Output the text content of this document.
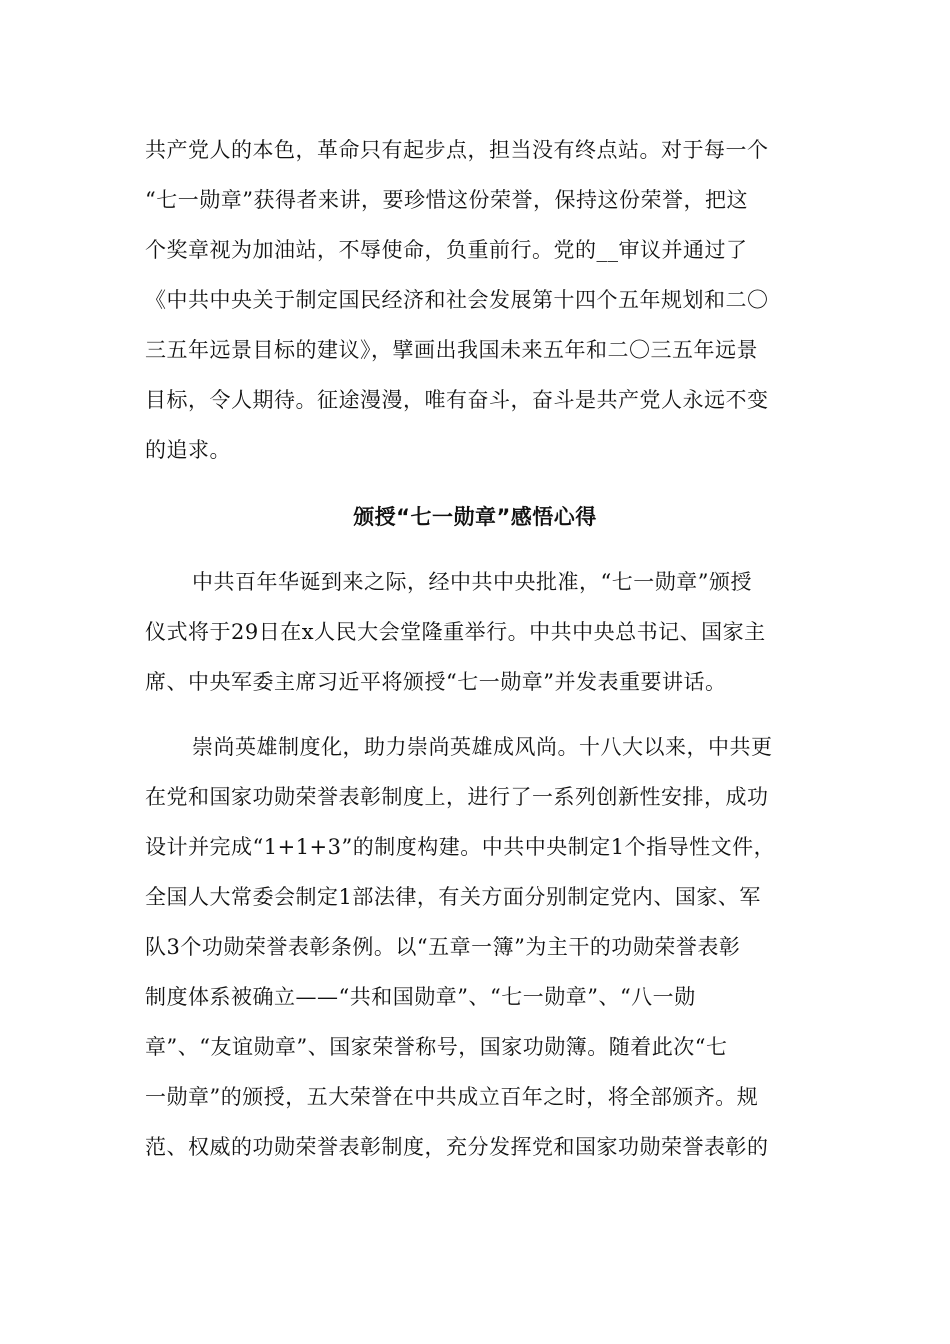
共产党人的本色，革命只有起步点，担当没有终点站。对于每一个
“七一勋章”获得者来讲，要珍惜这份荣誉，保持这份荣誉，把这
个奖章视为加油站，不辱使命，负重前行。党的__审议并通过了
《中共中央关于制定国民经济和社会发展第十四个五年规划和二〇
三五年远景目标的建议》，擘画出我国未来五年和二〇三五年远景
目标，令人期待。征途漫漫，唯有奋斗，奋斗是共产党人永远不变
的追求。
颁授“七一勋章”感悟心得
中共百年华诞到来之际，经中共中央批准，“七一勋章”颁授
仪式将于29日在x人民大会堂隆重举行。中共中央总书记、国家主
席、中央军委主席习近平将颁授“七一勋章”并发表重要讲话。
崇尚英雄制度化，助力崇尚英雄成风尚。十八大以来，中共更
在党和国家功勋荣誉表彰制度上，进行了一系列创新性安排，成功
设计并完成“1+1+3”的制度构建。中共中央制定1个指导性文件，
全国人大常委会制定1部法律，有关方面分别制定党内、国家、军
队3个功勋荣誉表彰条例。以“五章一簿”为主干的功勋荣誉表彰
制度体系被确立——“共和国勋章”、“七一勋章”、“八一勋
章”、“友谊勋章”、国家荣誉称号，国家功勋簿。随着此次“七
一勋章”的颁授，五大荣誉在中共成立百年之时，将全部颁齐。规
范、权威的功勋荣誉表彰制度，充分发挥党和国家功勋荣誉表彰的
